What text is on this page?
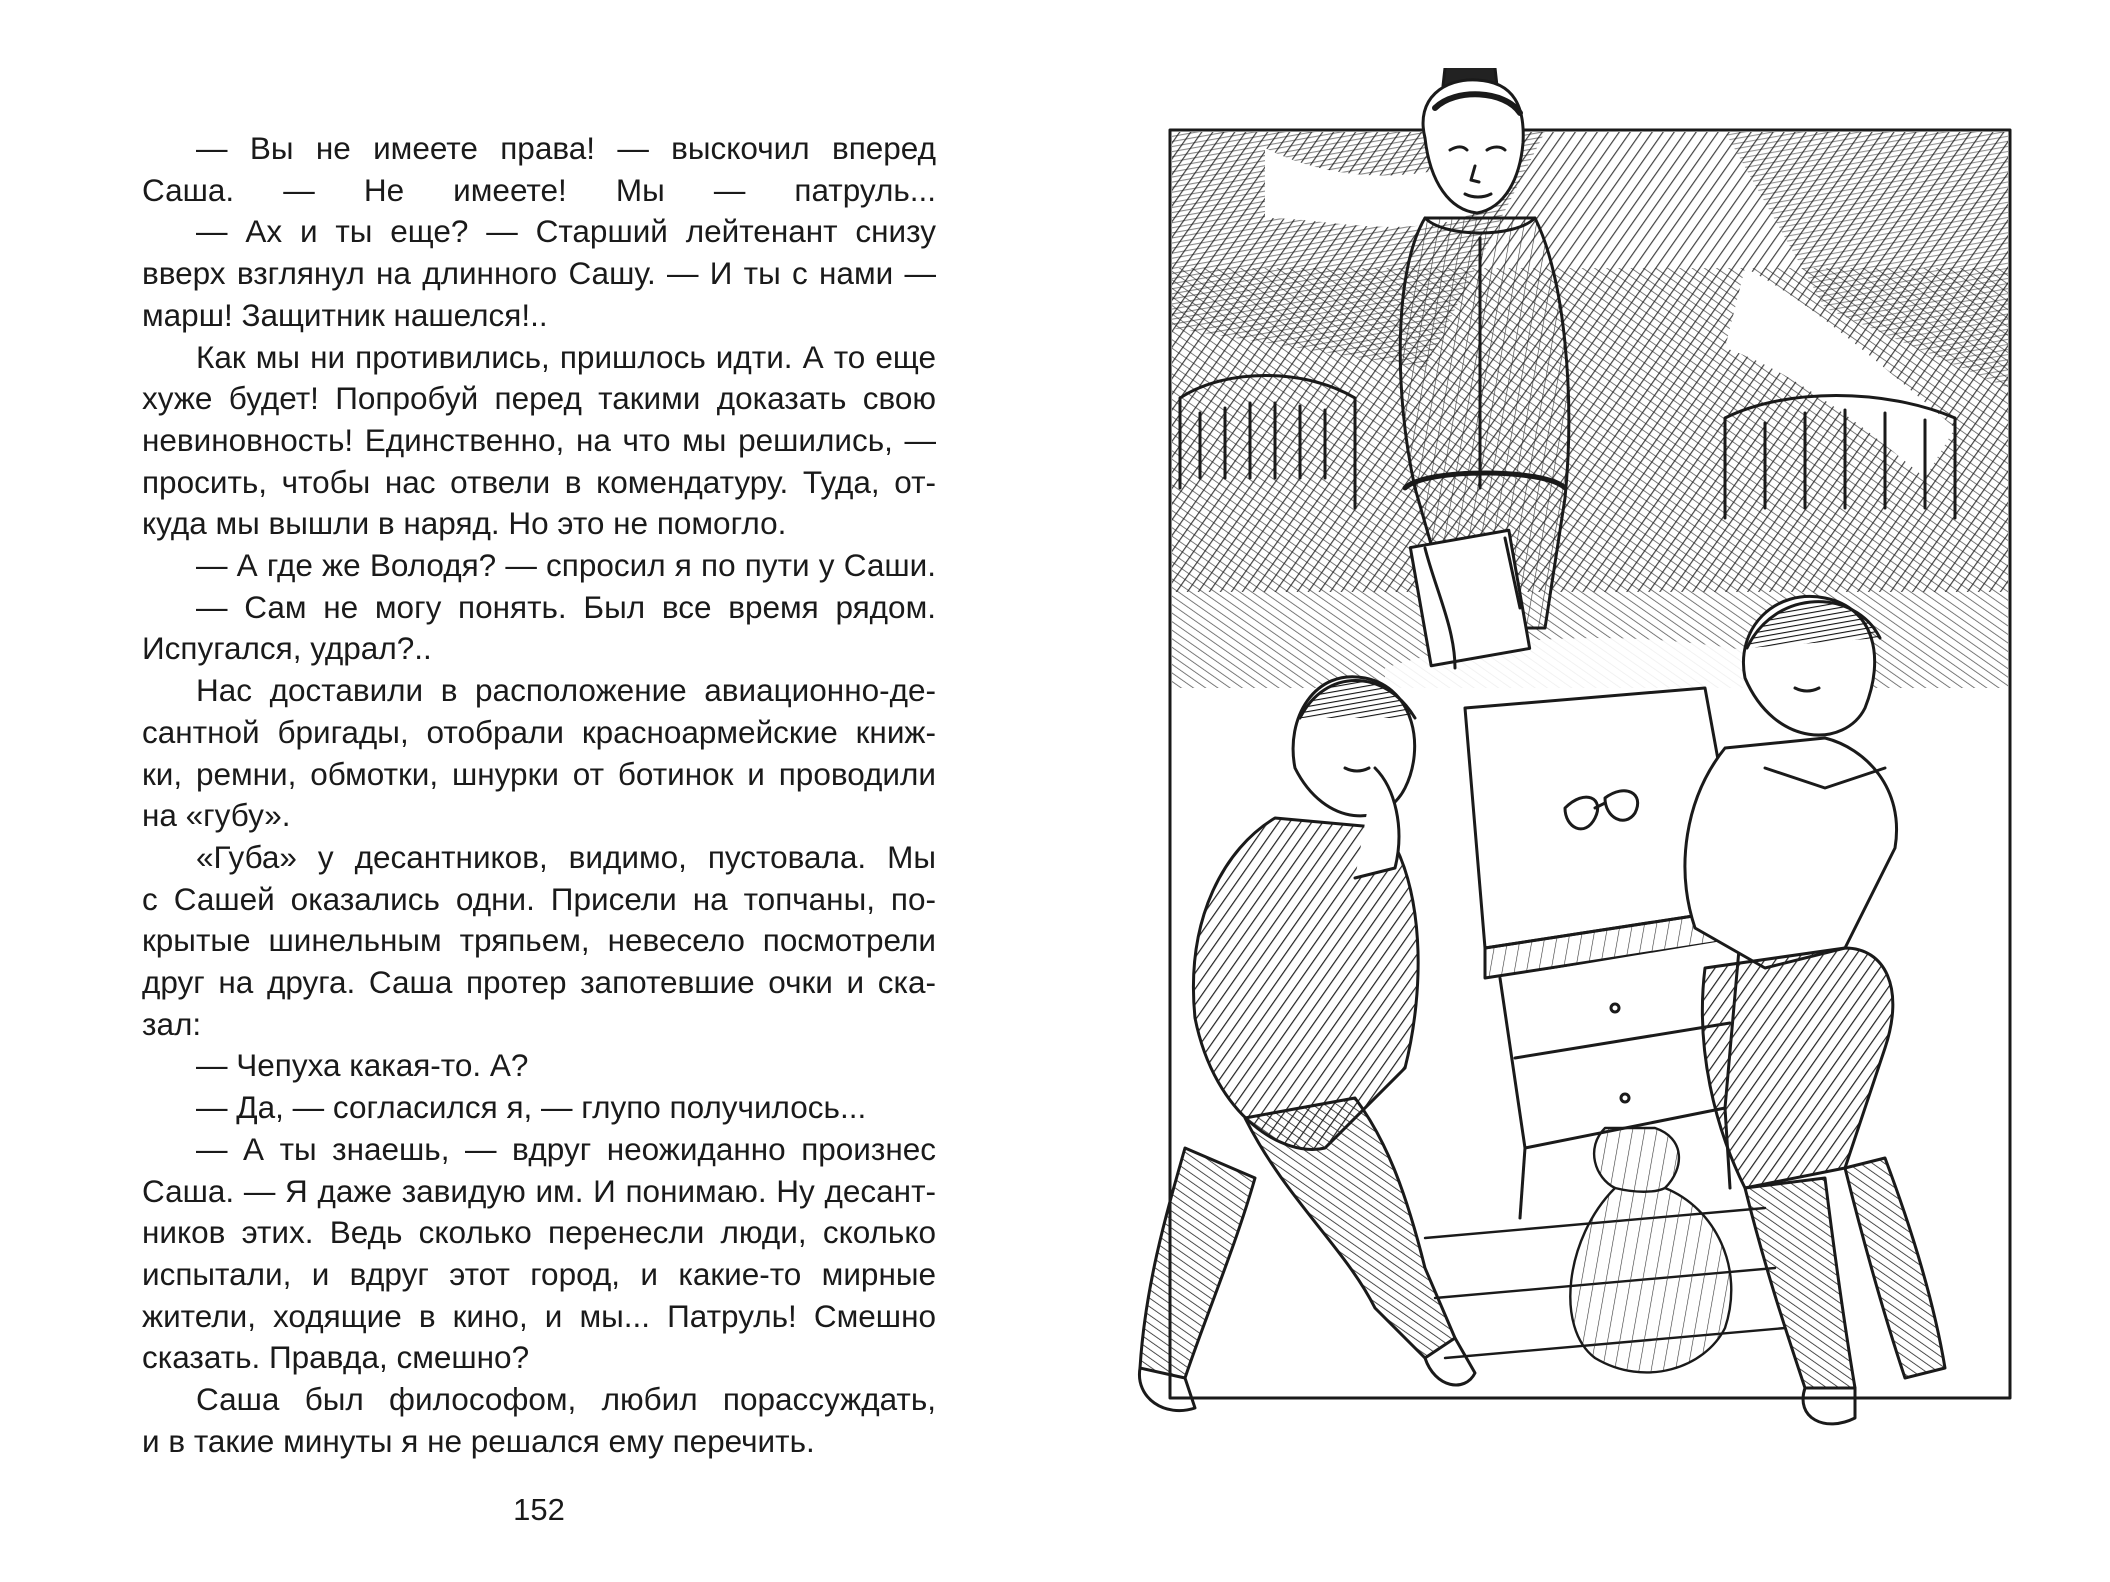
— Вы не имеете права! — выскочил вперед

Саша. — Не имеете! Мы — патруль...

— Ах и ты еще? — Старший лейтенант снизу

вверх взглянул на длинного Сашу. — И ты с нами —

марш! Защитник нашелся!..

Как мы ни противились, пришлось идти. А то еще

хуже будет! Попробуй перед такими доказать свою

невиновность! Единственно, на что мы решились, —

просить, чтобы нас отвели в комендатуру. Туда, от-

куда мы вышли в наряд. Но это не помогло.

— А где же Володя? — спросил я по пути у Саши.

— Сам не могу понять. Был все время рядом.

Испугался, удрал?..

Нас доставили в расположение авиационно-де-

сантной бригады, отобрали красноармейские книж-

ки, ремни, обмотки, шнурки от ботинок и проводили

на «губу».

«Губа» у десантников, видимо, пустовала. Мы

с Сашей оказались одни. Присели на топчаны, по-

крытые шинельным тряпьем, невесело посмотрели

друг на друга. Саша протер запотевшие очки и ска-

зал:

— Чепуха какая-то. А?

— Да, — согласился я, — глупо получилось...

— А ты знаешь, — вдруг неожиданно произнес

Саша. — Я даже завидую им. И понимаю. Ну десант-

ников этих. Ведь сколько перенесли люди, сколько

испытали, и вдруг этот город, и какие-то мирные

жители, ходящие в кино, и мы... Патруль! Смешно

сказать. Правда, смешно?

Саша был философом, любил порассуждать,

и в такие минуты я не решался ему перечить.

152
